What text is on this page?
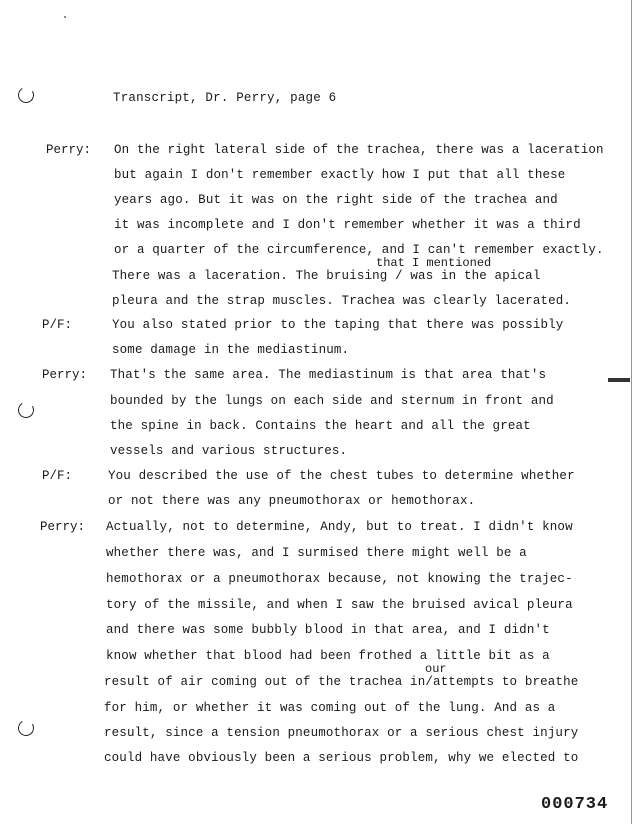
Transcript, Dr. Perry, page 6
Perry:
P/F:
Perry:
P/F:
Perry:
On the right lateral side of the trachea, there was a laceration
but again I don't remember exactly how I put that all these
years ago. But it was on the right side of the trachea and
it was incomplete and I don't remember whether it was a third
or a quarter of the circumference, and I can't remember exactly.
that I mentioned
There was a laceration. The bruising / was in the apical
pleura and the strap muscles. Trachea was clearly lacerated.
You also stated prior to the taping that there was possibly
some damage in the mediastinum.
That's the same area. The mediastinum is that area that's
bounded by the lungs on each side and sternum in front and
the spine in back. Contains the heart and all the great
vessels and various structures.
You described the use of the chest tubes to determine whether
or not there was any pneumothorax or hemothorax.
Actually, not to determine, Andy, but to treat. I didn't know
whether there was, and I surmised there might well be a
hemothorax or a pneumothorax because, not knowing the trajec-
tory of the missile, and when I saw the bruised avical pleura
and there was some bubbly blood in that area, and I didn't
know whether that blood had been frothed a little bit as a
our
result of air coming out of the trachea in/attempts to breathe
for him, or whether it was coming out of the lung. And as a
result, since a tension pneumothorax or a serious chest injury
could have obviously been a serious problem, why we elected to
000734
